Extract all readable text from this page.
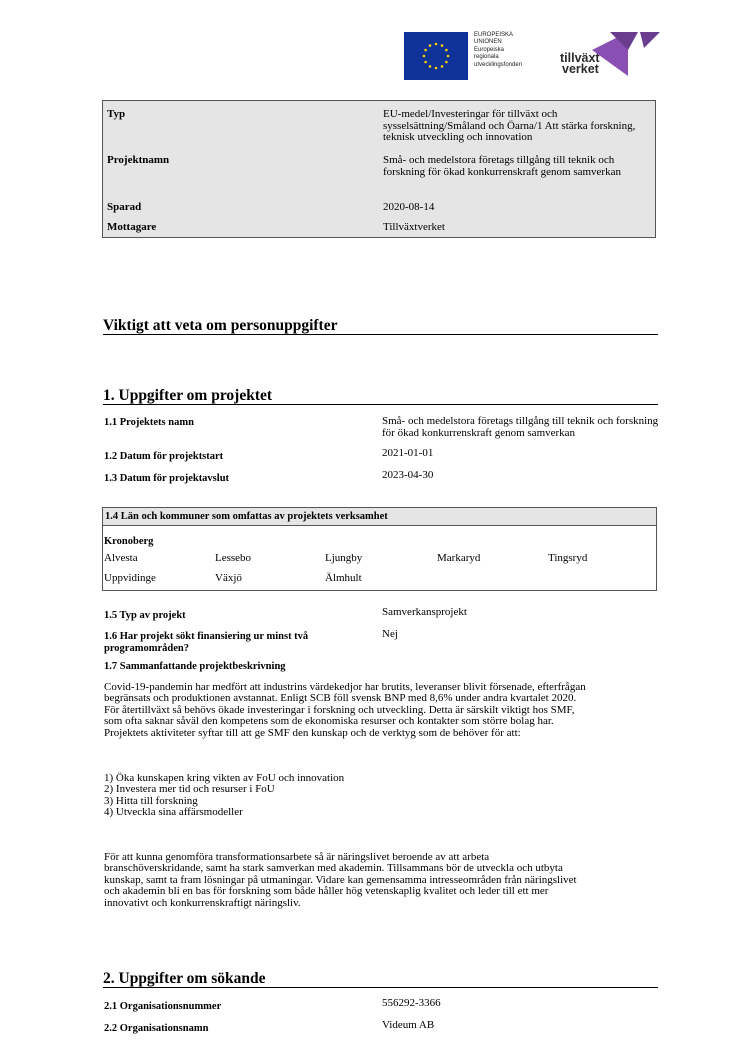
EUROPEISKA
UNIONEN
Europeiska
regionala
utvecklingsfonden	tillväxt
verket
Typ	EU-medel/Investeringar för tillväxt och sysselsättning/Småland och Öarna/1 Att stärka forskning, teknisk utveckling och innovation
Projektnamn	Små- och medelstora företags tillgång till teknik och forskning för ökad konkurrenskraft genom samverkan
Sparad	2020-08-14
Mottagare	Tillväxtverket
Viktigt att veta om personuppgifter
1. Uppgifter om projektet
1.1 Projektets namn	Små- och medelstora företags tillgång till teknik och forskning för ökad konkurrenskraft genom samverkan
1.2 Datum för projektstart	2021-01-01
1.3 Datum för projektavslut	2023-04-30
1.4 Län och kommuner som omfattas av projektets verksamhet
Kronoberg
Alvesta	Lessebo	Ljungby	Markaryd	Tingsryd
Uppvidinge	Växjö	Älmhult
1.5 Typ av projekt	Samverkansprojekt
1.6 Har projekt sökt finansiering ur minst två programområden?
Nej
1.7 Sammanfattande projektbeskrivning
Covid-19-pandemin har medfört att industrins värdekedjor har brutits, leveranser blivit försenade, efterfrågan
begränsats och produktionen avstannat. Enligt SCB föll svensk BNP med 8,6% under andra kvartalet 2020.
För återtillväxt så behövs ökade investeringar i forskning och utveckling. Detta är särskilt viktigt hos SMF,
som ofta saknar såväl den kompetens som de ekonomiska resurser och kontakter som större bolag har.
Projektets aktiviteter syftar till att ge SMF den kunskap och de verktyg som de behöver för att:
1) Öka kunskapen kring vikten av FoU och innovation
2) Investera mer tid och resurser i FoU
3) Hitta till forskning
4) Utveckla sina affärsmodeller
För att kunna genomföra transformationsarbete så är näringslivet beroende av att arbeta
branschöverskridande, samt ha stark samverkan med akademin. Tillsammans bör de utveckla och utbyta
kunskap, samt ta fram lösningar på utmaningar. Vidare kan gemensamma intresseområden från näringslivet
och akademin bli en bas för forskning som både håller hög vetenskaplig kvalitet och leder till ett mer
innovativt och konkurrenskraftigt näringsliv.
2. Uppgifter om sökande
2.1 Organisationsnummer	556292-3366
2.2 Organisationsnamn	Videum AB
